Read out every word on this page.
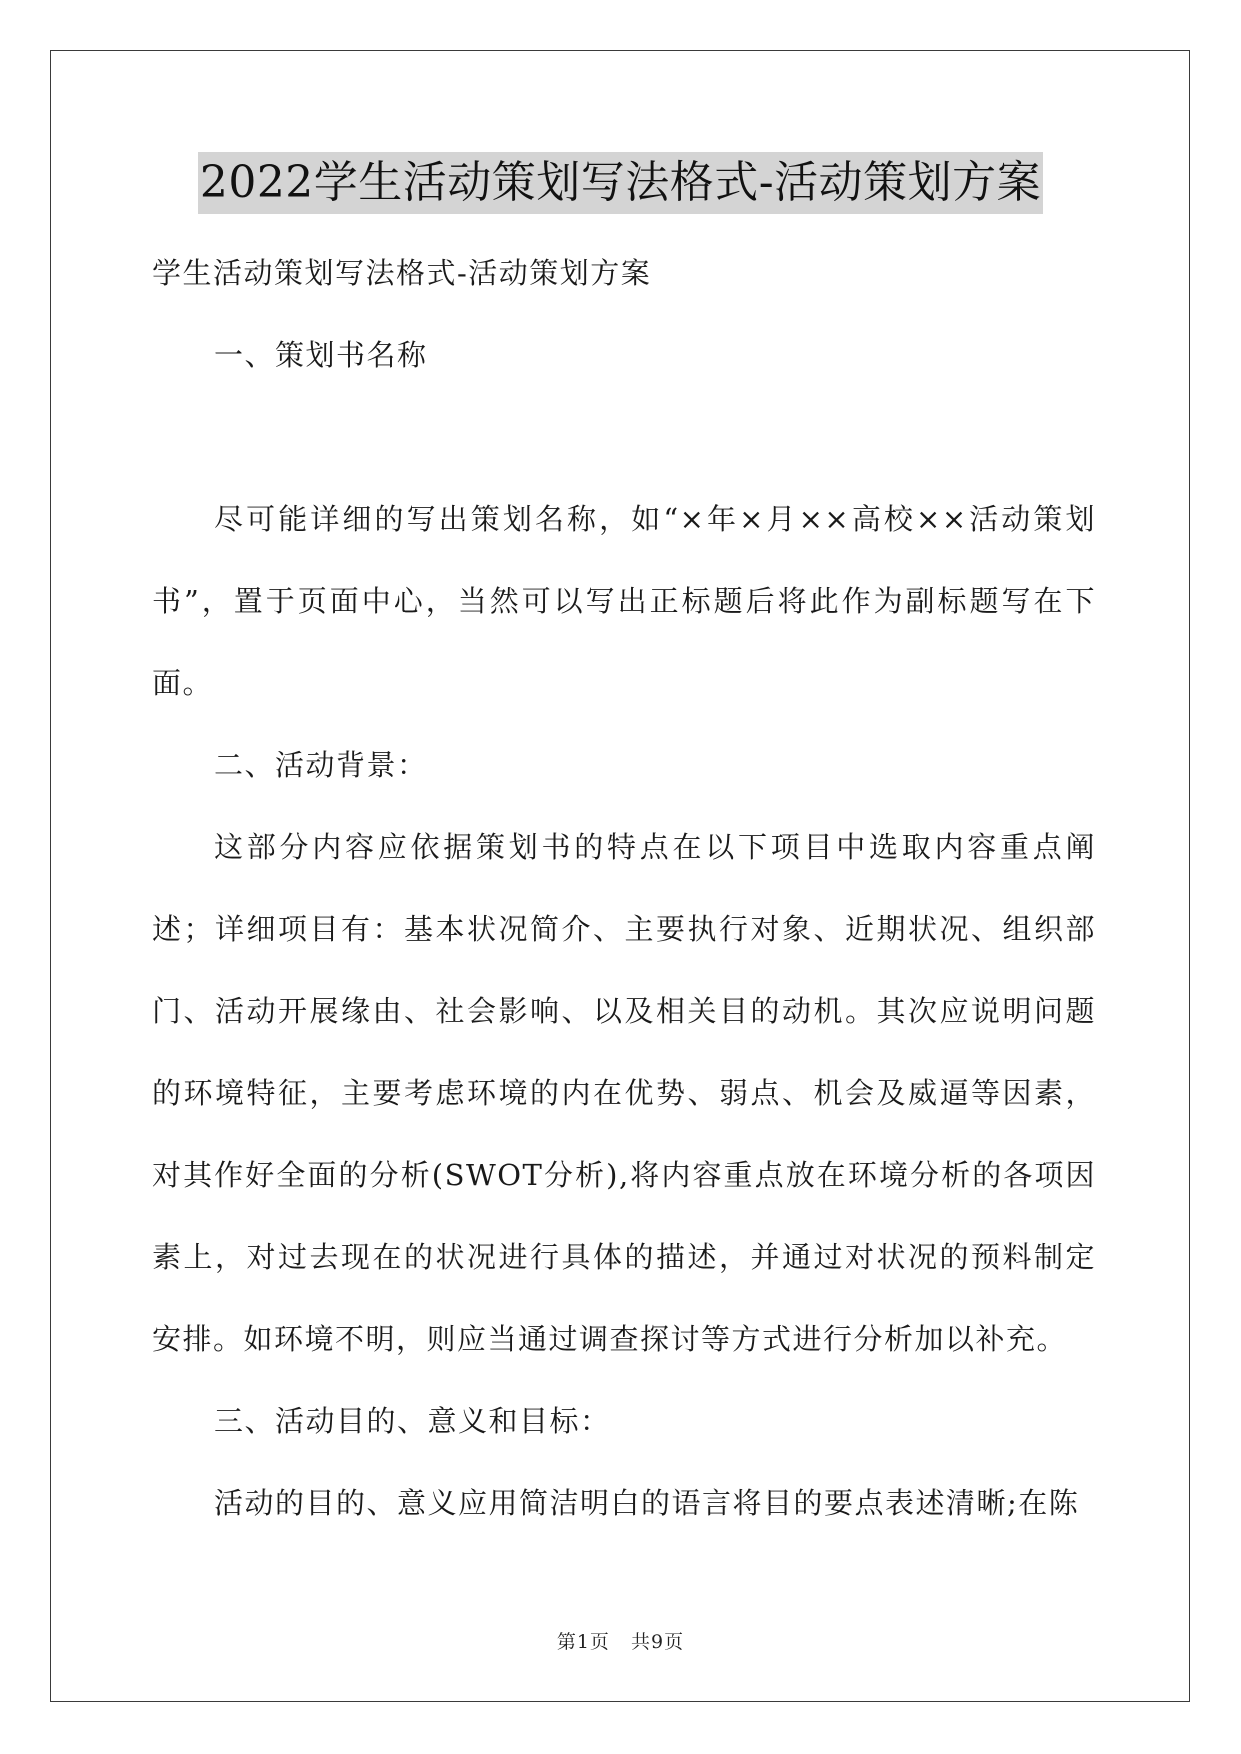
2022学生活动策划写法格式-活动策划方案

学生活动策划写法格式-活动策划方案

一、策划书名称

尽可能详细的写出策划名称，如“×年×月××高校××活动策划书”，置于页面中心，当然可以写出正标题后将此作为副标题写在下面。

二、活动背景：

这部分内容应依据策划书的特点在以下项目中选取内容重点阐述；详细项目有：基本状况简介、主要执行对象、近期状况、组织部门、活动开展缘由、社会影响、以及相关目的动机。其次应说明问题的环境特征，主要考虑环境的内在优势、弱点、机会及威逼等因素，对其作好全面的分析(SWOT分析),将内容重点放在环境分析的各项因素上，对过去现在的状况进行具体的描述，并通过对状况的预料制定安排。如环境不明，则应当通过调查探讨等方式进行分析加以补充。

三、活动目的、意义和目标：

活动的目的、意义应用简洁明白的语言将目的要点表述清晰;在陈

第1页   共9页
